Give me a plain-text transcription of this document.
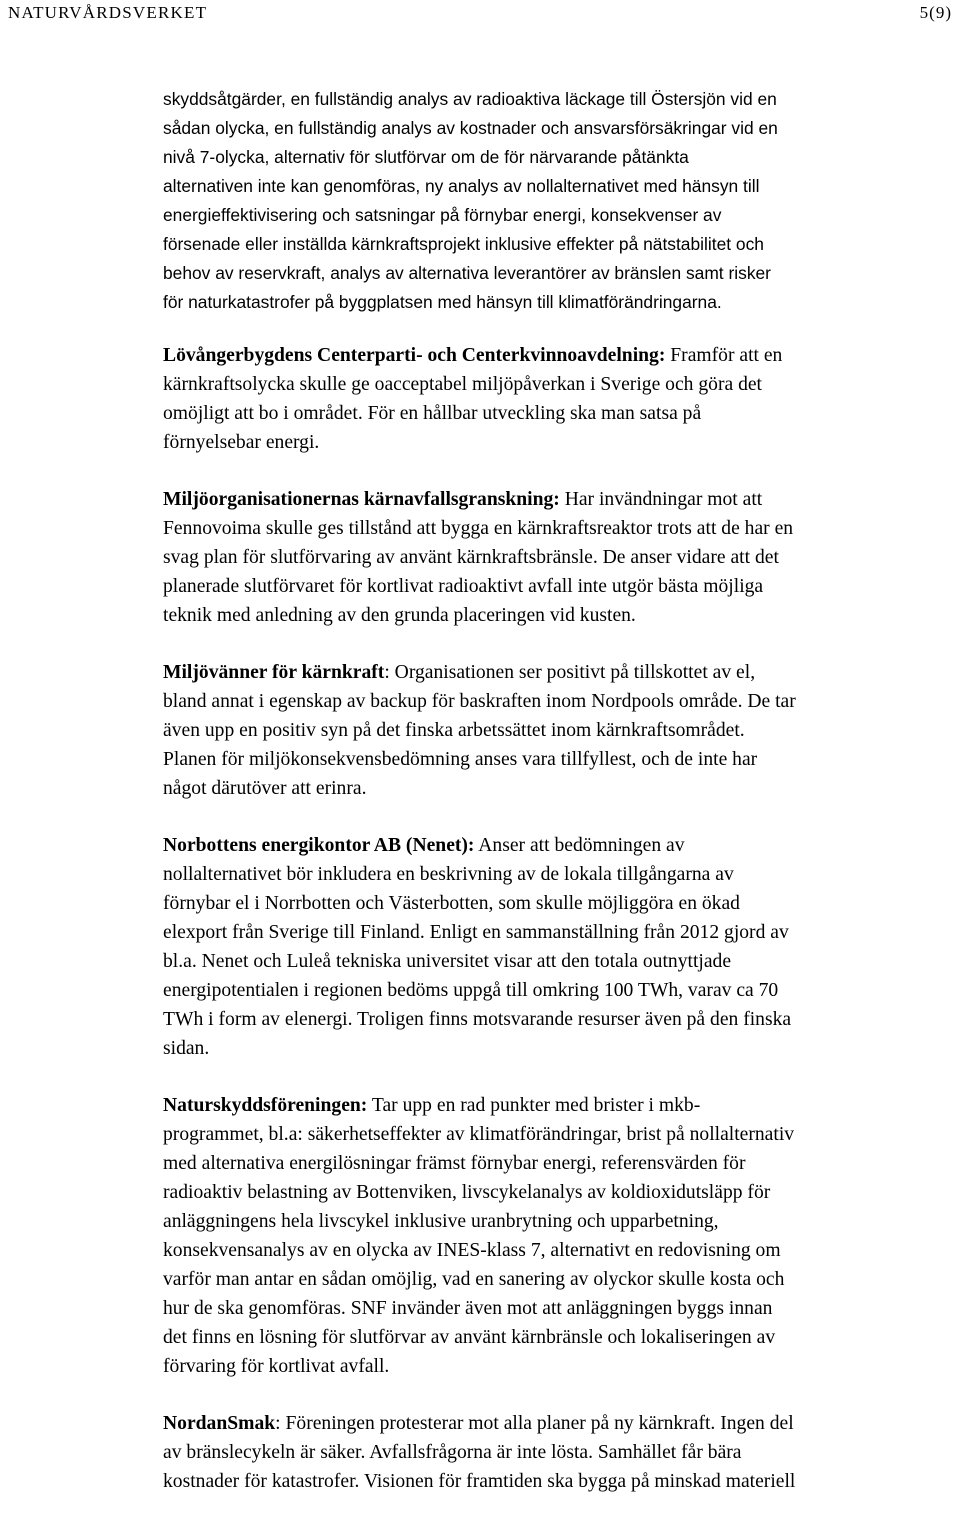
NATURVÅRDSVERKET	5(9)

skyddsåtgärder, en fullständig analys av radioaktiva läckage till Östersjön vid en
sådan olycka, en fullständig analys av kostnader och ansvarsförsäkringar vid en
nivå 7-olycka, alternativ för slutförvar om de för närvarande påtänkta
alternativen inte kan genomföras, ny analys av nollalternativet med hänsyn till
energieffektivisering och satsningar på förnybar energi, konsekvenser av
försenade eller inställda kärnkraftsprojekt inklusive effekter på nätstabilitet och
behov av reservkraft, analys av alternativa leverantörer av bränslen samt risker
för naturkatastrofer på byggplatsen med hänsyn till klimatförändringarna.

Lövångerbygdens Centerparti- och Centerkvinnoavdelning: Framför att en
kärnkraftsolycka skulle ge oacceptabel miljöpåverkan i Sverige och göra det
omöjligt att bo i området. För en hållbar utveckling ska man satsa på
förnyelsebar energi.

Miljöorganisationernas kärnavfallsgranskning: Har invändningar mot att
Fennovoima skulle ges tillstånd att bygga en kärnkraftsreaktor trots att de har en
svag plan för slutförvaring av använt kärnkraftsbränsle. De anser vidare att det
planerade slutförvaret för kortlivat radioaktivt avfall inte utgör bästa möjliga
teknik med anledning av den grunda placeringen vid kusten.

Miljövänner för kärnkraft: Organisationen ser positivt på tillskottet av el,
bland annat i egenskap av backup för baskraften inom Nordpools område. De tar
även upp en positiv syn på det finska arbetssättet inom kärnkraftsområdet.
Planen för miljökonsekvensbedömning anses vara tillfyllest, och de inte har
något därutöver att erinra.

Norbottens energikontor AB (Nenet): Anser att bedömningen av
nollalternativet bör inkludera en beskrivning av de lokala tillgångarna av
förnybar el i Norrbotten och Västerbotten, som skulle möjliggöra en ökad
elexport från Sverige till Finland. Enligt en sammanställning från 2012 gjord av
bl.a. Nenet och Luleå tekniska universitet visar att den totala outnyttjade
energipotentialen i regionen bedöms uppgå till omkring 100 TWh, varav ca 70
TWh i form av elenergi. Troligen finns motsvarande resurser även på den finska
sidan.

Naturskyddsföreningen: Tar upp en rad punkter med brister i mkb-
programmet, bl.a: säkerhetseffekter av klimatförändringar, brist på nollalternativ
med alternativa energilösningar främst förnybar energi, referensvärden för
radioaktiv belastning av Bottenviken, livscykelanalys av koldioxidutsläpp för
anläggningens hela livscykel inklusive uranbrytning och upparbetning,
konsekvensanalys av en olycka av INES-klass 7, alternativt en redovisning om
varför man antar en sådan omöjlig, vad en sanering av olyckor skulle kosta och
hur de ska genomföras. SNF invänder även mot att anläggningen byggs innan
det finns en lösning för slutförvar av använt kärnbränsle och lokaliseringen av
förvaring för kortlivat avfall.

NordanSmak: Föreningen protesterar mot alla planer på ny kärnkraft. Ingen del
av bränslecykeln är säker. Avfallsfrågorna är inte lösta. Samhället får bära
kostnader för katastrofer. Visionen för framtiden ska bygga på minskad materiell
